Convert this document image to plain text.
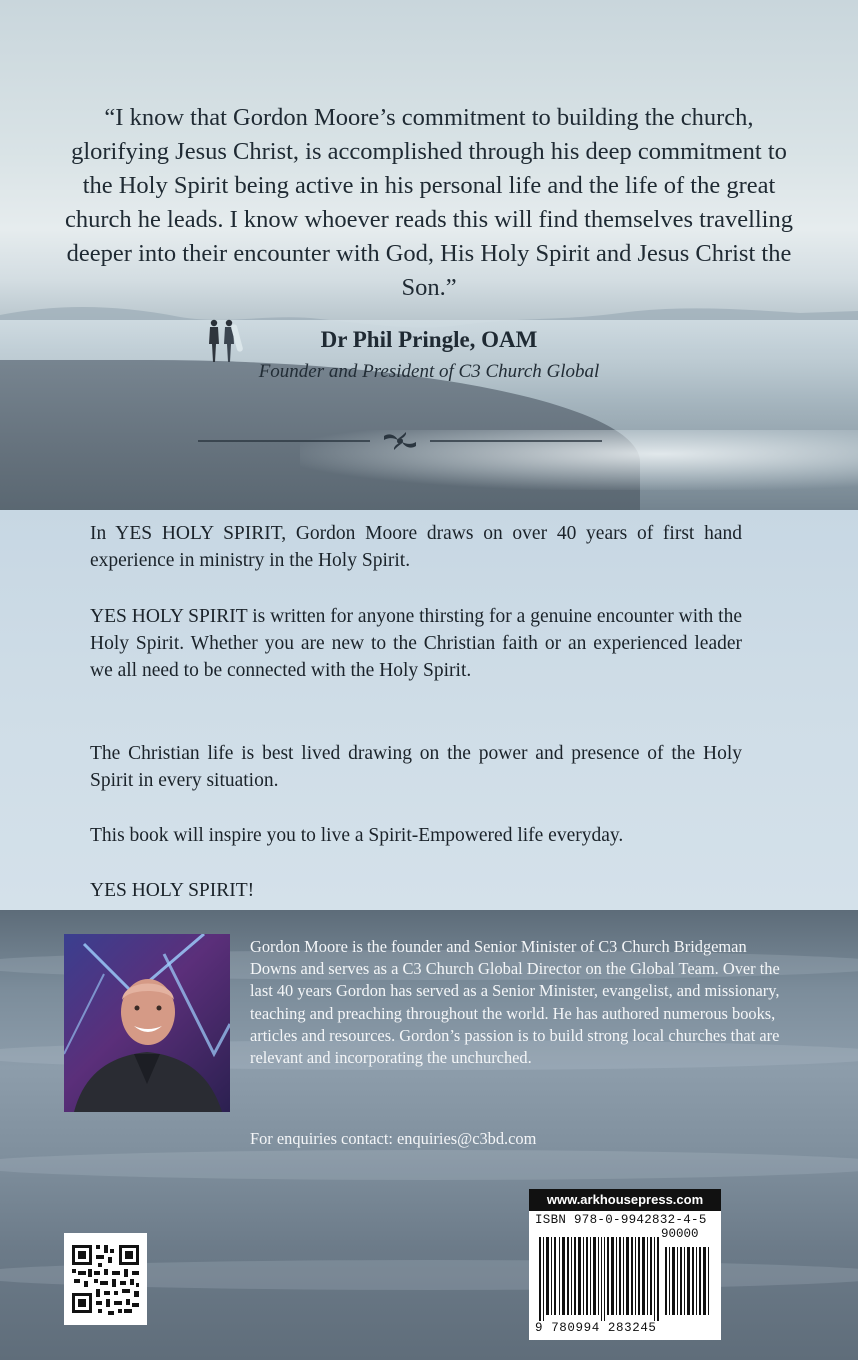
“I know that Gordon Moore’s commitment to building the church, glorifying Jesus Christ, is accomplished through his deep commitment to the Holy Spirit being active in his personal life and the life of the great church he leads. I know whoever reads this will find themselves travelling deeper into their encounter with God, His Holy Spirit and Jesus Christ the Son.”

Dr Phil Pringle, OAM

Founder and President of C3 Church Global

In YES HOLY SPIRIT, Gordon Moore draws on over 40 years of first hand experience in ministry in the Holy Spirit.

YES HOLY SPIRIT is written for anyone thirsting for a genuine encounter with the Holy Spirit. Whether you are new to the Christian faith or an experienced leader we all need to be connected with the Holy Spirit.

The Christian life is best lived drawing on the power and presence of the Holy Spirit in every situation.

This book will inspire you to live a Spirit-Empowered life everyday.

YES HOLY SPIRIT!

Gordon Moore is the founder and Senior Minister of C3 Church Bridgeman Downs and serves as a C3 Church Global Director on the Global Team. Over the last 40 years Gordon has served as a Senior Minister, evangelist, and missionary, teaching and preaching throughout the world. He has authored numerous books, articles and resources. Gordon’s passion is to build strong local churches that are relevant and incorporating the unchurched.

For enquiries contact: enquiries@c3bd.com

www.arkhousepress.com

ISBN 978-0-9942832-4-5

90000

9 780994 283245
